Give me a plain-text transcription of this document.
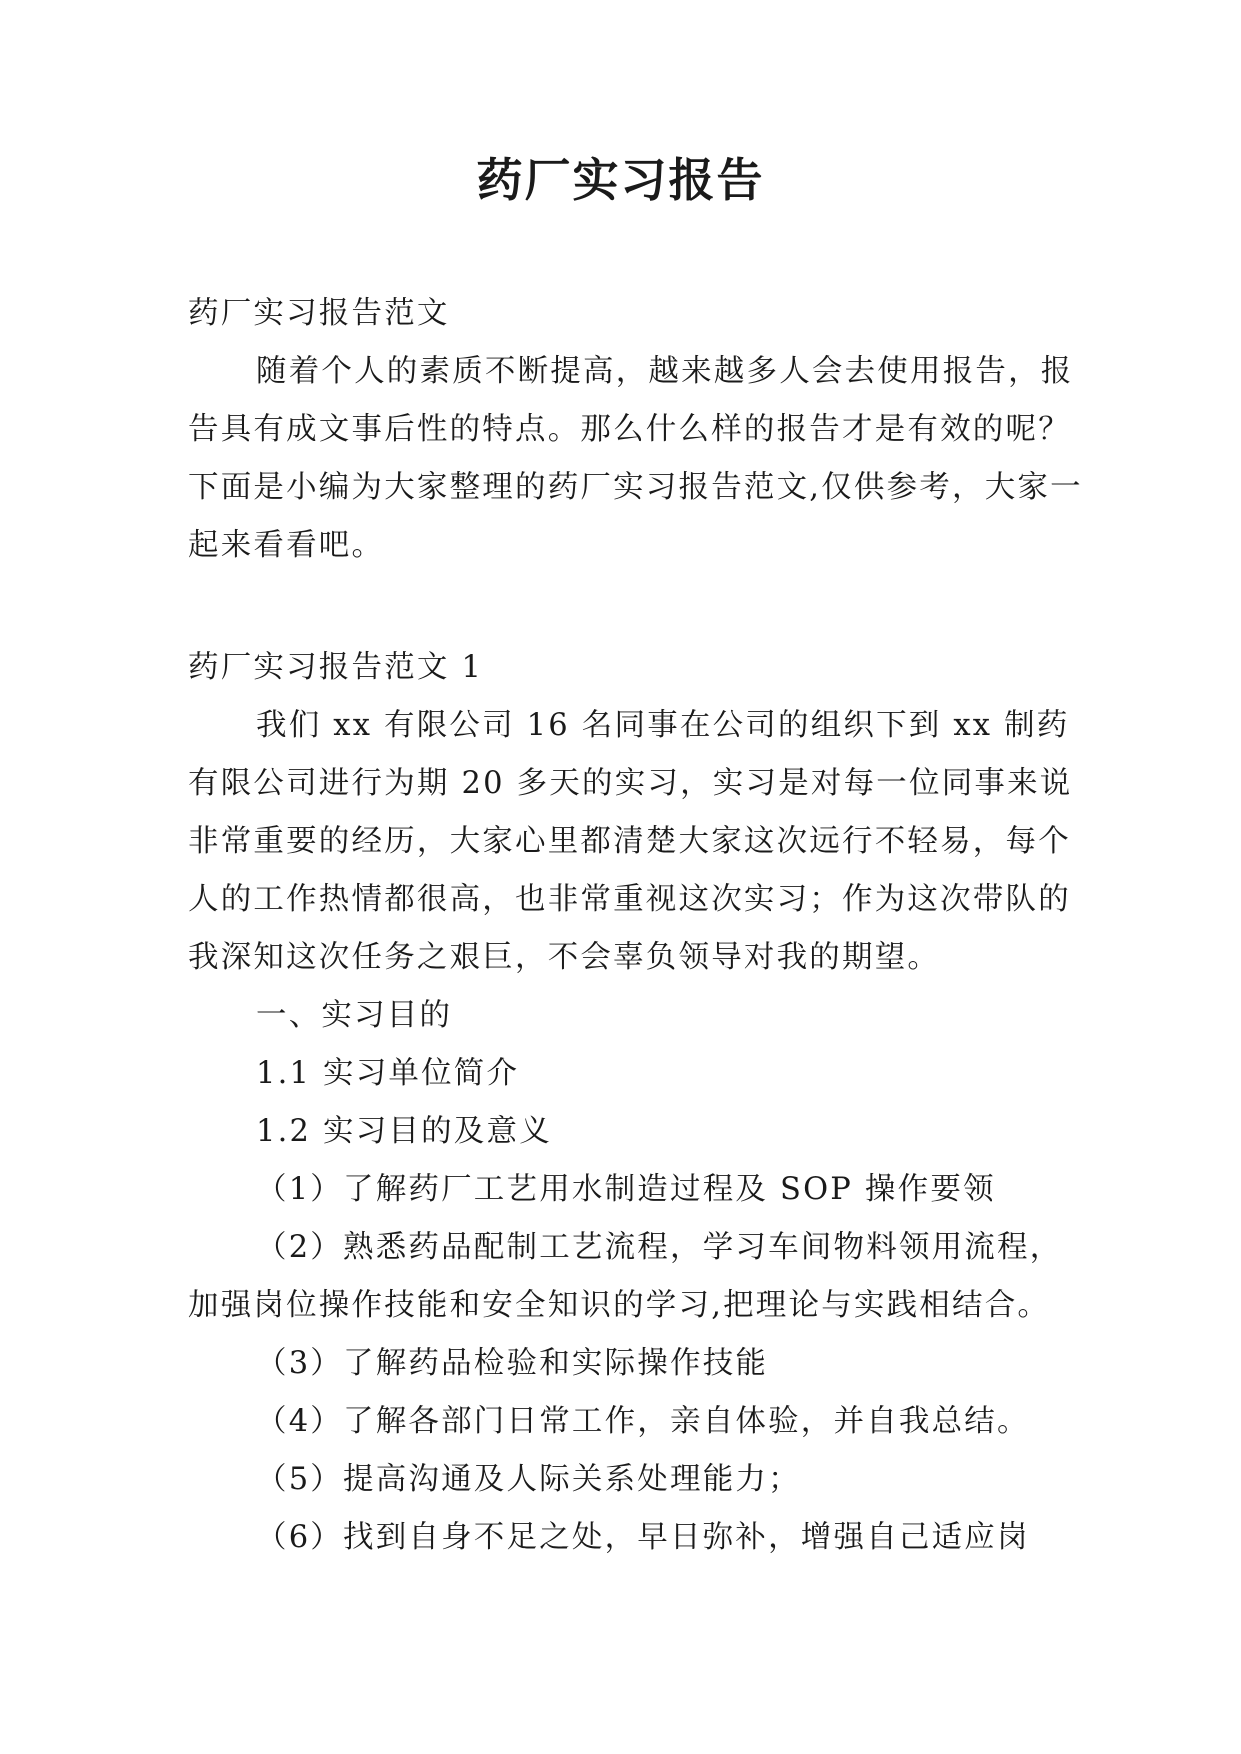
药厂实习报告

药厂实习报告范文

随着个人的素质不断提高，越来越多人会去使用报告，报告具有成文事后性的特点。那么什么样的报告才是有效的呢？下面是小编为大家整理的药厂实习报告范文,仅供参考，大家一起来看看吧。

药厂实习报告范文 1

我们 xx 有限公司 16 名同事在公司的组织下到 xx 制药有限公司进行为期 20 多天的实习，实习是对每一位同事来说非常重要的经历，大家心里都清楚大家这次远行不轻易，每个人的工作热情都很高，也非常重视这次实习；作为这次带队的我深知这次任务之艰巨，不会辜负领导对我的期望。

一、实习目的

1.1 实习单位简介

1.2 实习目的及意义

（1）了解药厂工艺用水制造过程及 SOP 操作要领

（2）熟悉药品配制工艺流程，学习车间物料领用流程，加强岗位操作技能和安全知识的学习,把理论与实践相结合。

（3）了解药品检验和实际操作技能

（4）了解各部门日常工作，亲自体验，并自我总结。

（5）提高沟通及人际关系处理能力；

（6）找到自身不足之处，早日弥补，增强自己适应岗
